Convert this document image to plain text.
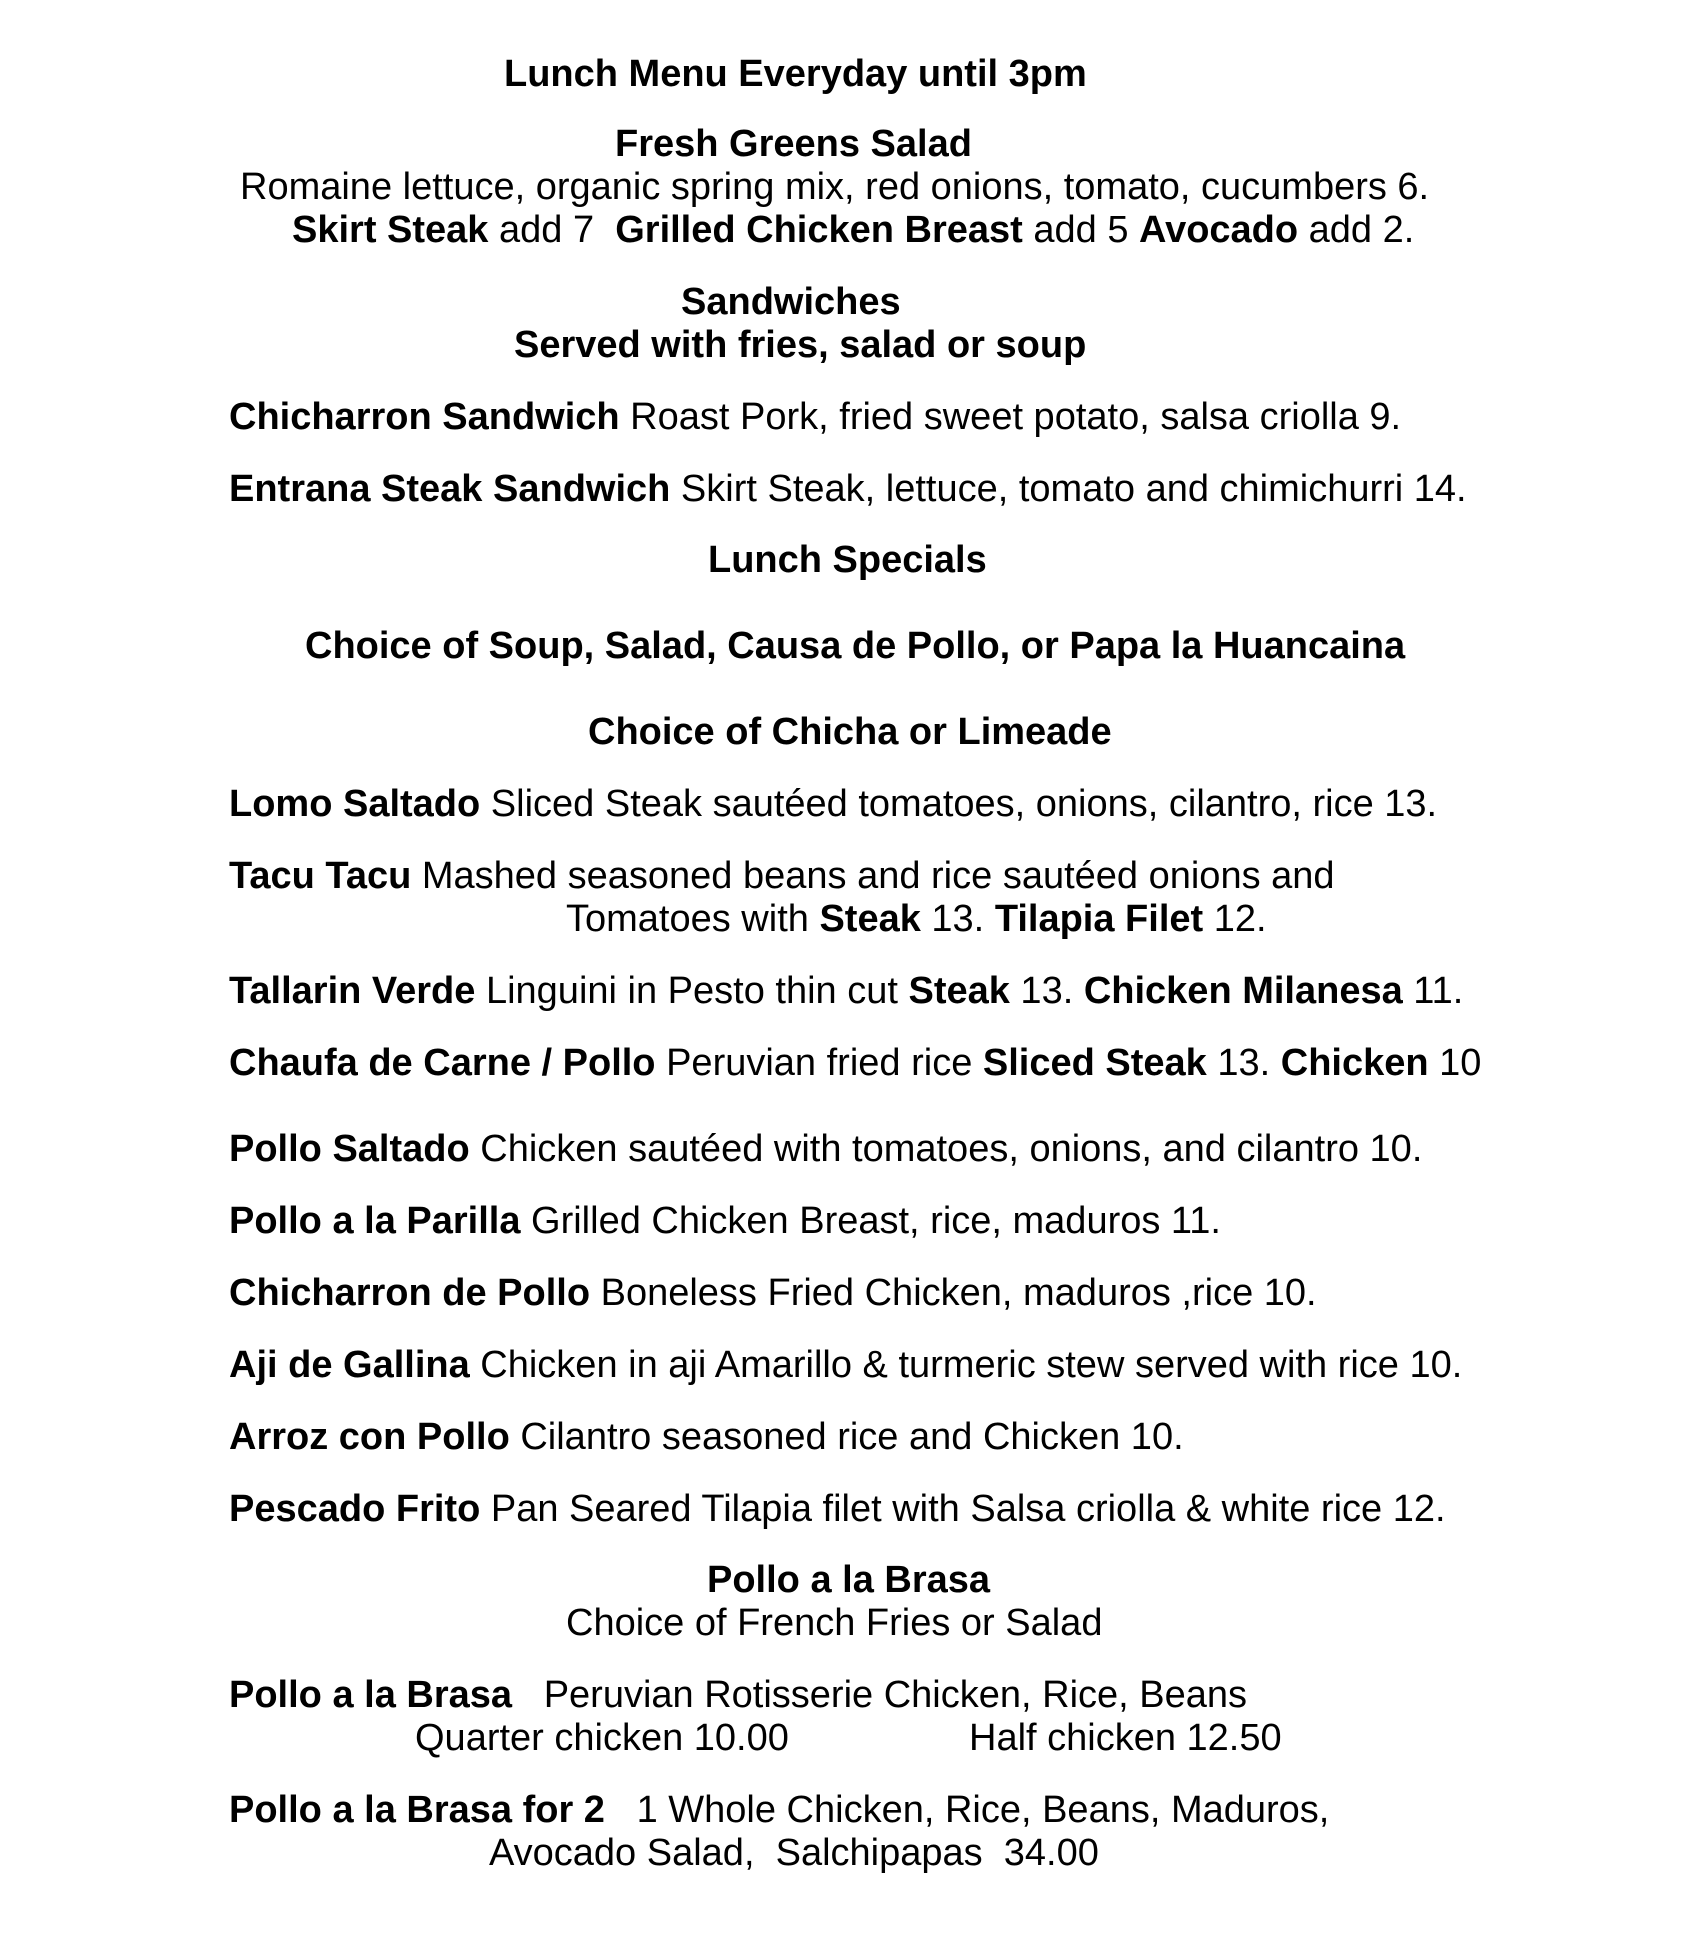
Lunch Menu Everyday until 3pm
Fresh Greens Salad
Romaine lettuce, organic spring mix, red onions, tomato, cucumbers 6.
Skirt Steak add 7  Grilled Chicken Breast add 5 Avocado add 2.
Sandwiches
Served with fries, salad or soup
Chicharron Sandwich Roast Pork, fried sweet potato, salsa criolla 9.
Entrana Steak Sandwich Skirt Steak, lettuce, tomato and chimichurri 14.
Lunch Specials
Choice of Soup, Salad, Causa de Pollo, or Papa la Huancaina
Choice of Chicha or Limeade
Lomo Saltado Sliced Steak sautéed tomatoes, onions, cilantro, rice 13.
Tacu Tacu Mashed seasoned beans and rice sautéed onions and
Tomatoes with Steak 13. Tilapia Filet 12.
Tallarin Verde Linguini in Pesto thin cut Steak 13. Chicken Milanesa 11.
Chaufa de Carne / Pollo Peruvian fried rice Sliced Steak 13. Chicken 10
Pollo Saltado Chicken sautéed with tomatoes, onions, and cilantro 10.
Pollo a la Parilla Grilled Chicken Breast, rice, maduros 11.
Chicharron de Pollo Boneless Fried Chicken, maduros ,rice 10.
Aji de Gallina Chicken in aji Amarillo & turmeric stew served with rice 10.
Arroz con Pollo Cilantro seasoned rice and Chicken 10.
Pescado Frito Pan Seared Tilapia filet with Salsa criolla & white rice 12.
Pollo a la Brasa
Choice of French Fries or Salad
Pollo a la Brasa   Peruvian Rotisserie Chicken, Rice, Beans
Quarter chicken 10.00	Half chicken 12.50
Pollo a la Brasa for 2   1 Whole Chicken, Rice, Beans, Maduros,
Avocado Salad,  Salchipapas  34.00
